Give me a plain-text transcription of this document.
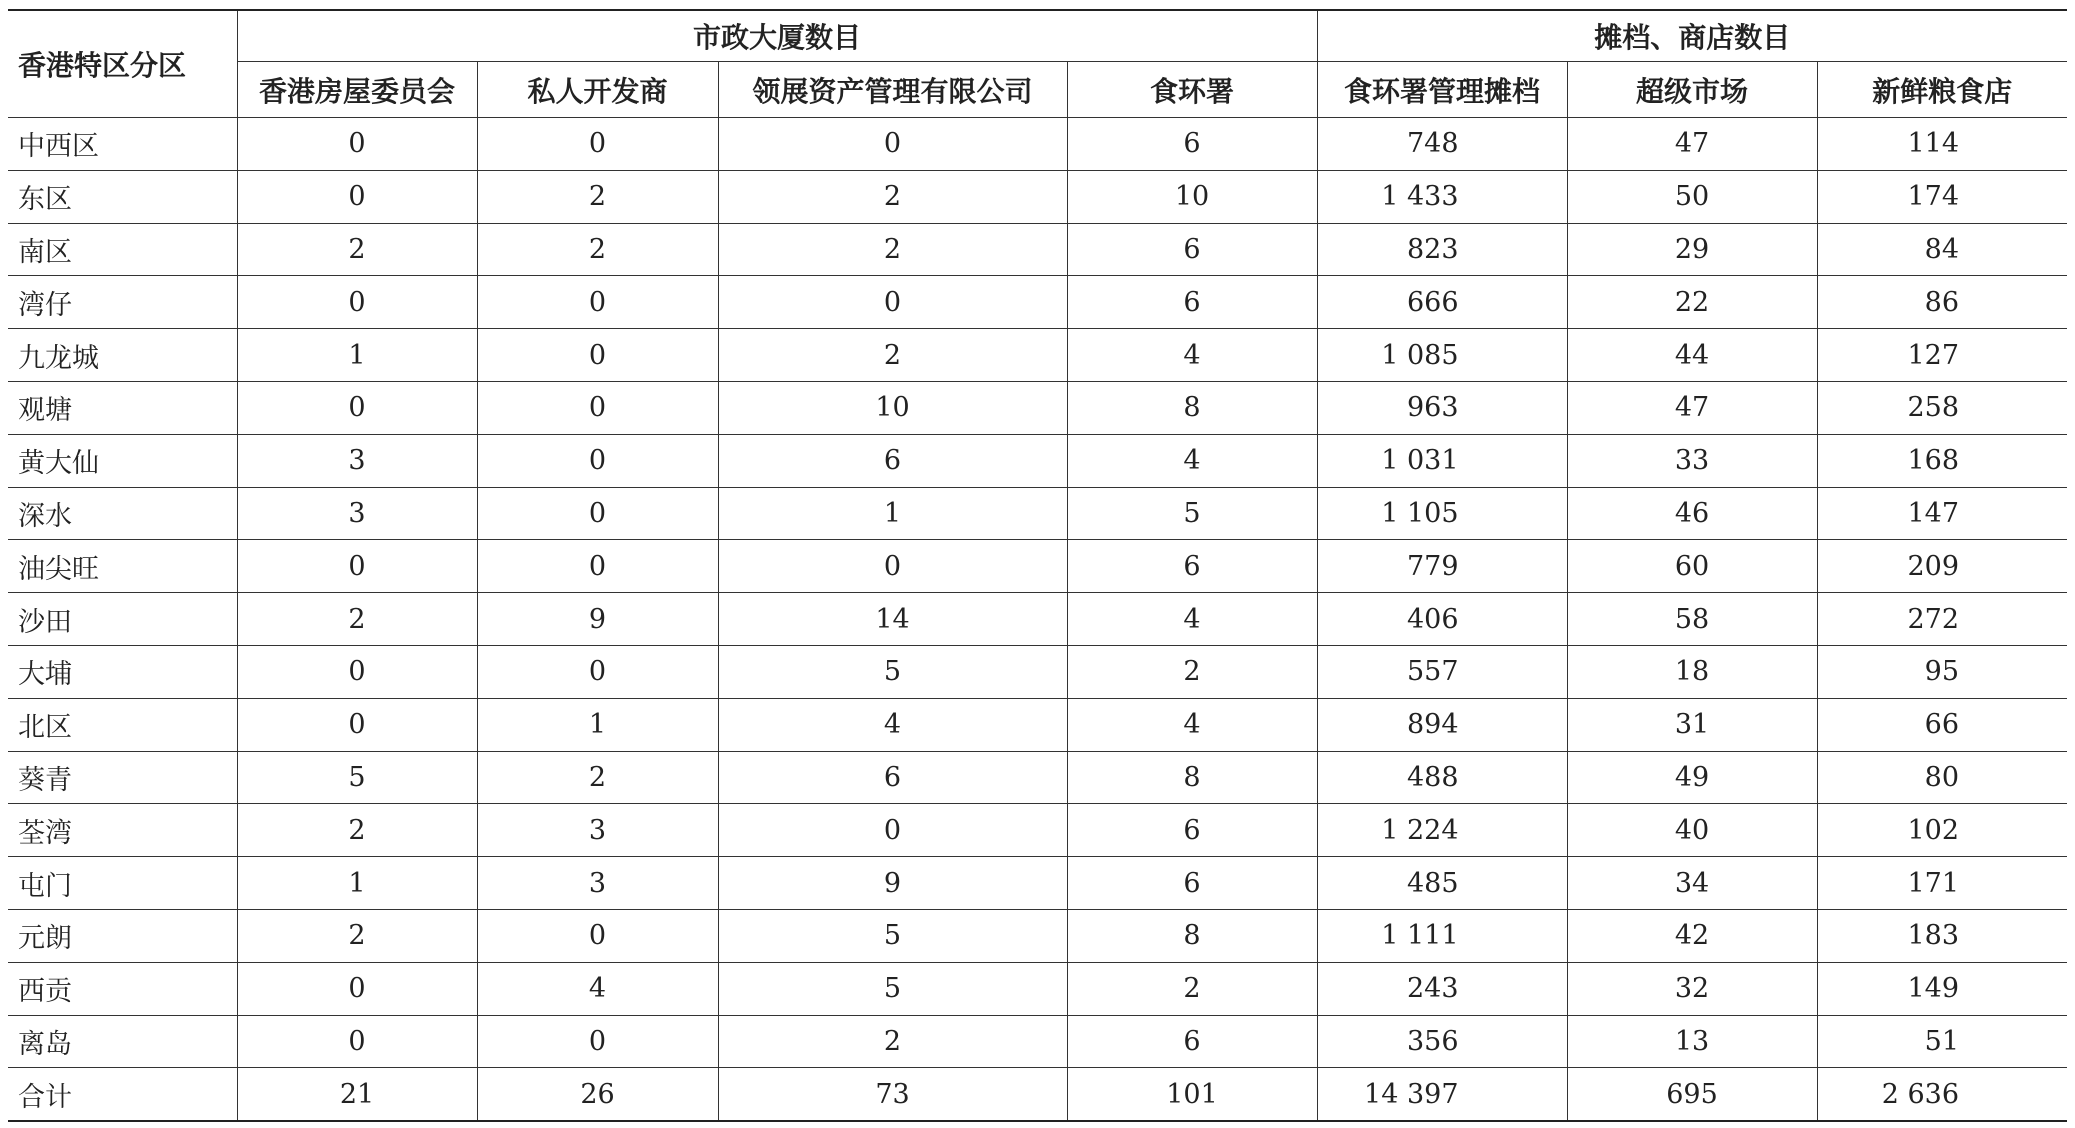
香港特区分区	市政大厦数目				摊档、商店数目		
	香港房屋委员会	私人开发商	领展资产管理有限公司	食环署	食环署管理摊档	超级市场	新鲜粮食店
中西区	0	0	0	6	748	47	114
东区	0	2	2	10	1 433	50	174
南区	2	2	2	6	823	29	84
湾仔	0	0	0	6	666	22	86
九龙城	1	0	2	4	1 085	44	127
观塘	0	0	10	8	963	47	258
黄大仙	3	0	6	4	1 031	33	168
深水	3	0	1	5	1 105	46	147
油尖旺	0	0	0	6	779	60	209
沙田	2	9	14	4	406	58	272
大埔	0	0	5	2	557	18	95
北区	0	1	4	4	894	31	66
葵青	5	2	6	8	488	49	80
荃湾	2	3	0	6	1 224	40	102
屯门	1	3	9	6	485	34	171
元朗	2	0	5	8	1 111	42	183
西贡	0	4	5	2	243	32	149
离岛	0	0	2	6	356	13	51
合计	21	26	73	101	14 397	695	2 636
